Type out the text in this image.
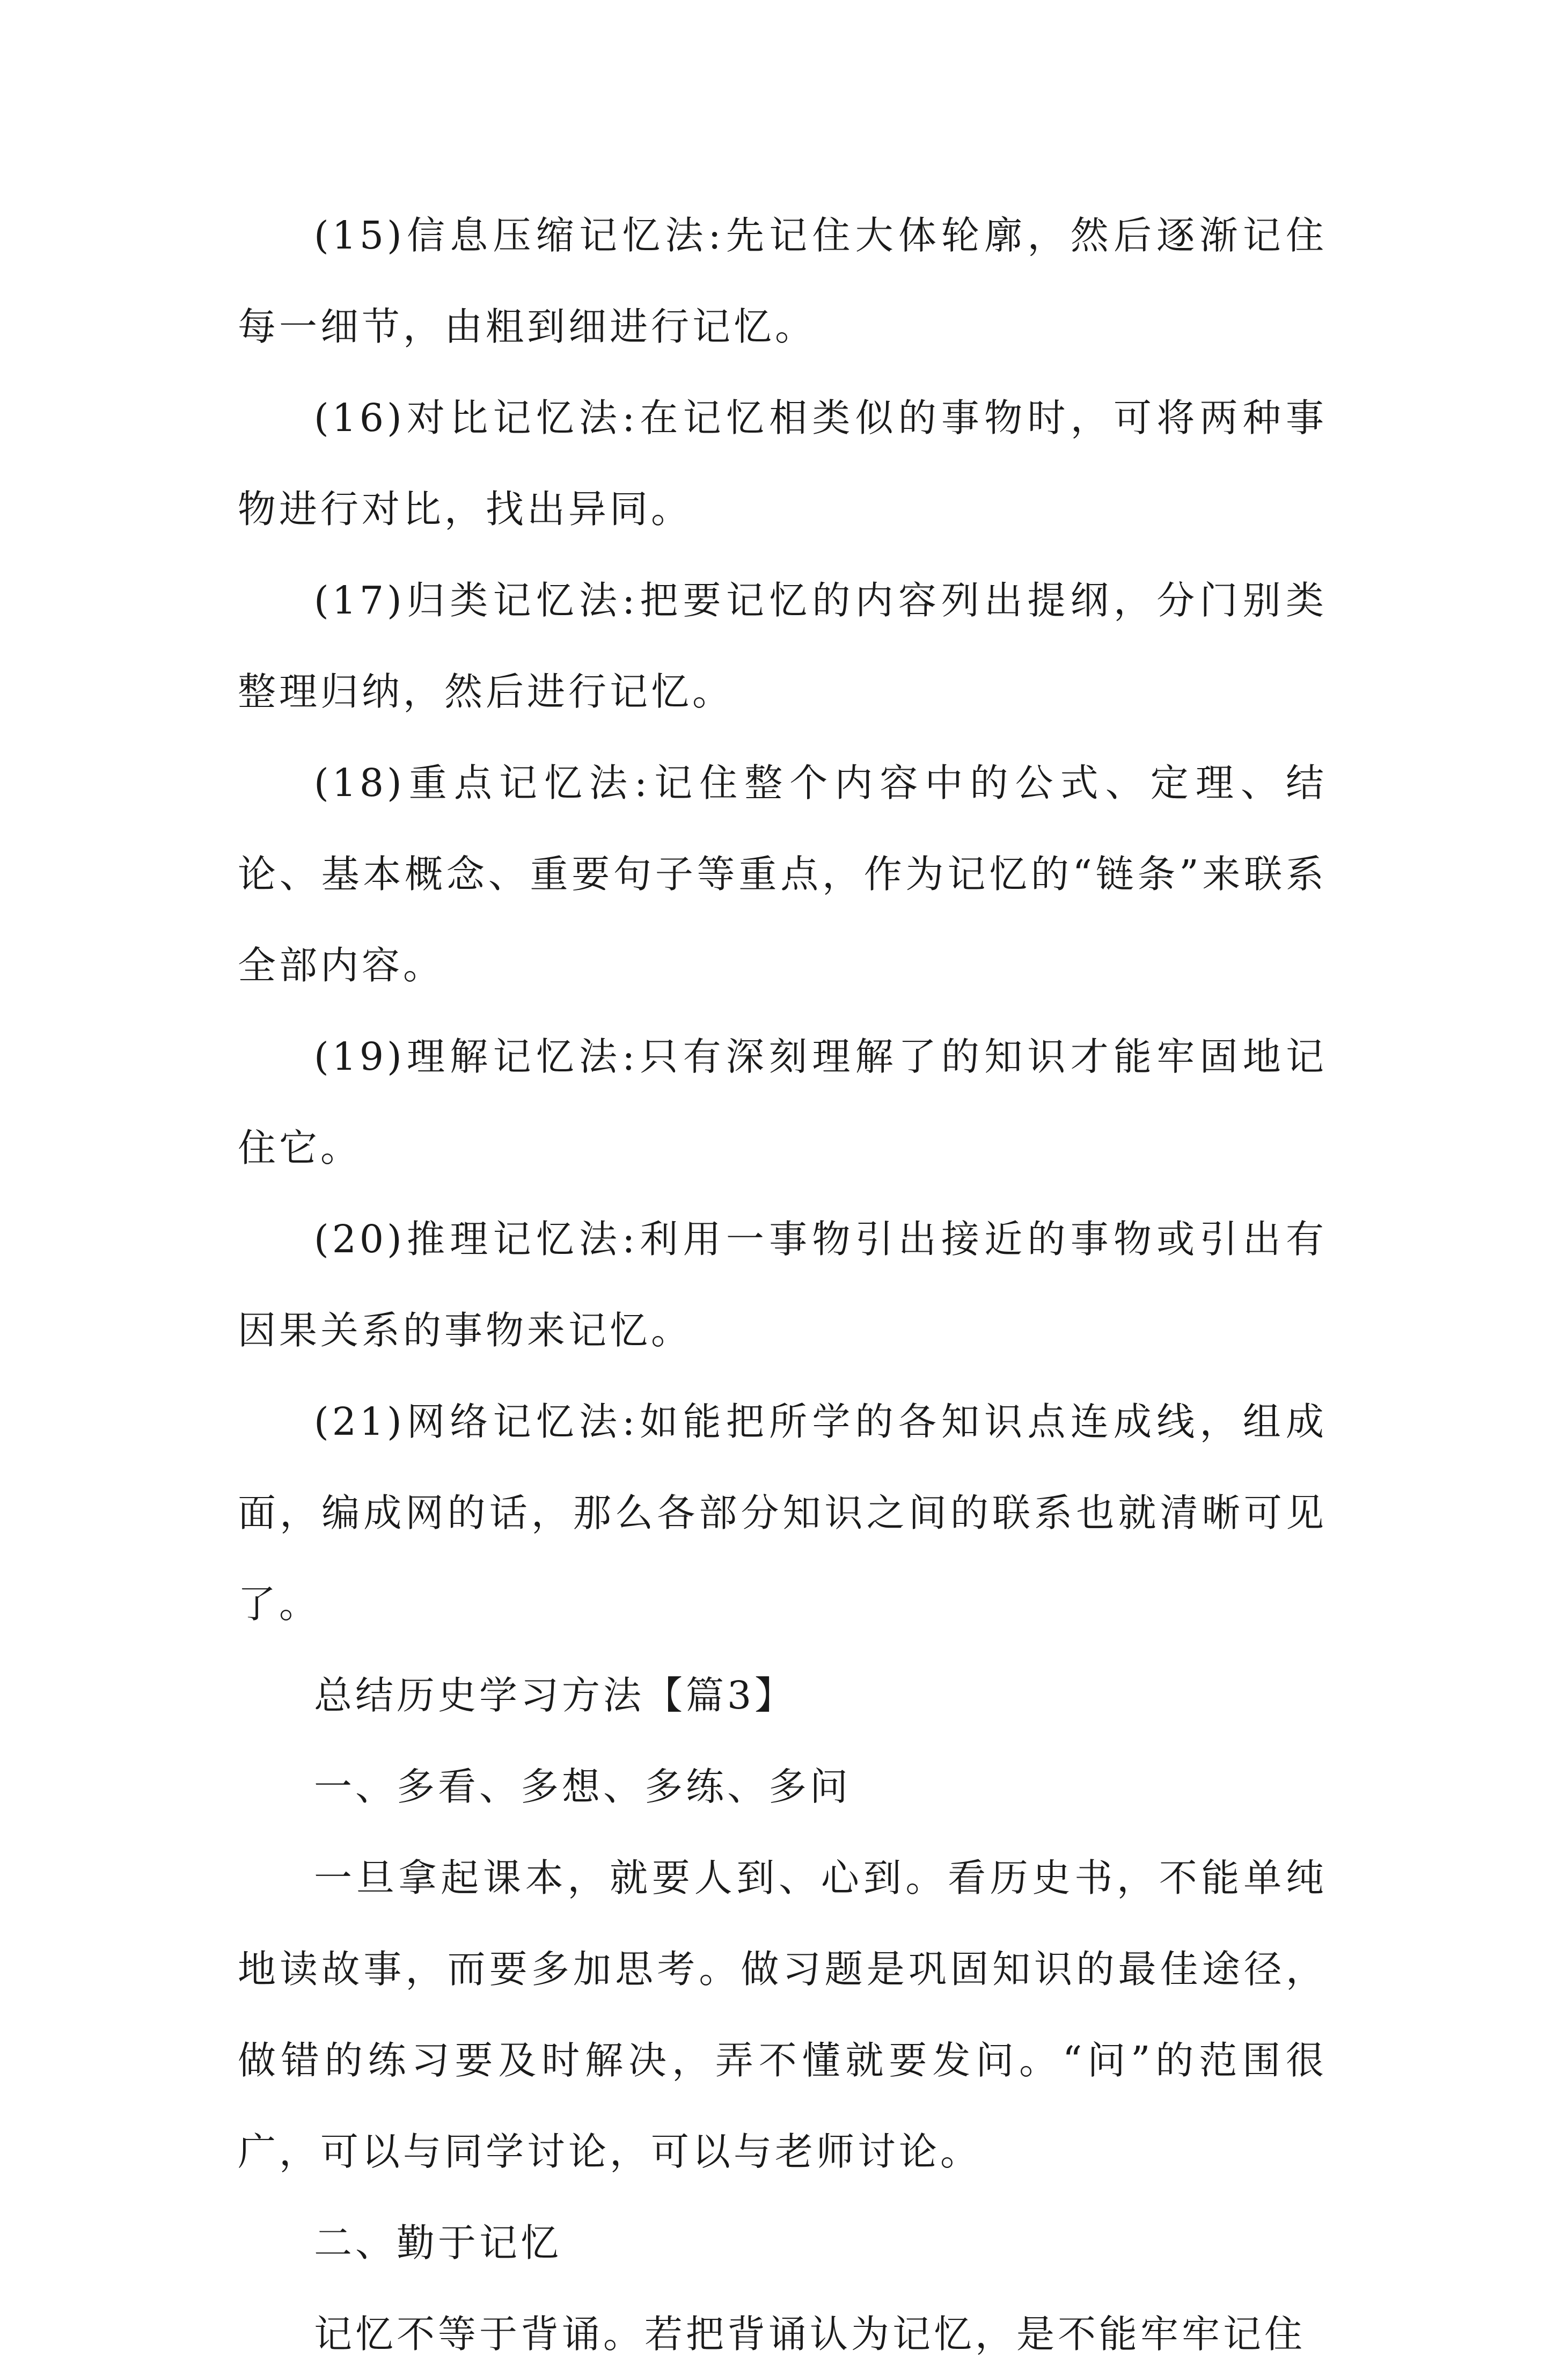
(15)信息压缩记忆法:先记住大体轮廓，然后逐渐记住每一细节，由粗到细进行记忆。

(16)对比记忆法:在记忆相类似的事物时，可将两种事物进行对比，找出异同。

(17)归类记忆法:把要记忆的内容列出提纲，分门别类整理归纳，然后进行记忆。

(18)重点记忆法:记住整个内容中的公式、定理、结论、基本概念、重要句子等重点，作为记忆的“链条”来联系全部内容。

(19)理解记忆法:只有深刻理解了的知识才能牢固地记住它。

(20)推理记忆法:利用一事物引出接近的事物或引出有因果关系的事物来记忆。

(21)网络记忆法:如能把所学的各知识点连成线，组成面，编成网的话，那么各部分知识之间的联系也就清晰可见了。

总结历史学习方法【篇3】

一、多看、多想、多练、多问

一旦拿起课本，就要人到、心到。看历史书，不能单纯地读故事，而要多加思考。做习题是巩固知识的最佳途径，做错的练习要及时解决，弄不懂就要发问。“问”的范围很广，可以与同学讨论，可以与老师讨论。

二、勤于记忆

记忆不等于背诵。若把背诵认为记忆，是不能牢牢记住
